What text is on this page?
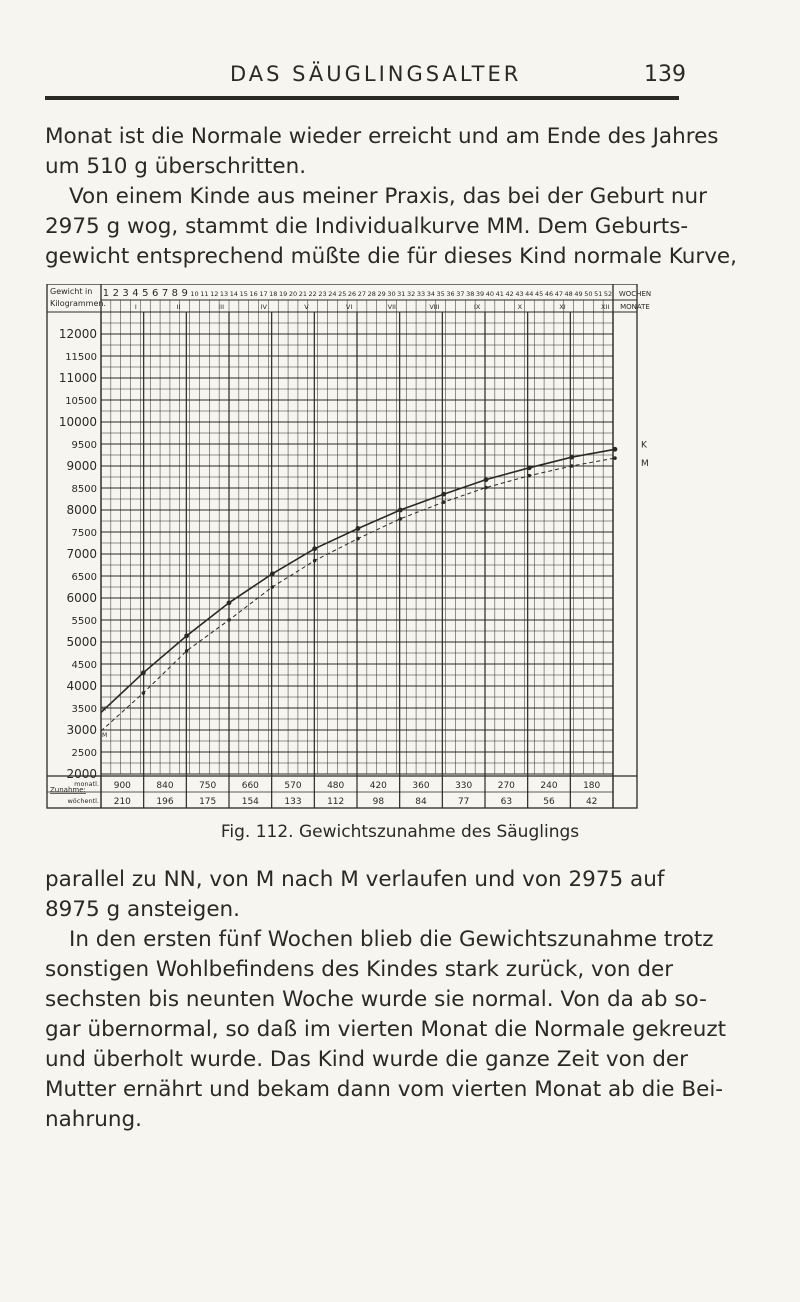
DAS SÄUGLINGSALTER	139

Monat ist die Normale wieder erreicht und am Ende des Jahres
um 510 g überschritten.
Von einem Kinde aus meiner Praxis, das bei der Geburt nur
2975 g wog, stammt die Individualkurve MM. Dem Geburts-
gewicht entsprechend müßte die für dieses Kind normale Kurve,

Gewicht in
Kilogrammen.
1 2 3 4 5 6 7 8 9 10 11 12 13 14 15 16 17 18 19 20 21 22 23 24 25 26 27 28 29 30 31 32 33 34 35 36 37 38 39 40 41 42 43 44 45 46 47 48 49 50 51 52
I	II	III	IV	V	VI	VII	VIII	IX	X	XI	XII
WOCHEN
MONATE
12000
11500
11000
10500
10000
9500
9000
8500
8000
7500
7000
6500
6000
5500
5000
4500
4000
3500
3000
2500
2000
K
K
M
M
monatl.
Zunahme:
wöchentl.
900	840	750	660	570	480	420	360	330	270	240	180
210	196	175	154	133	112	98	84	77	63	56	42
Fig. 112. Gewichtszunahme des Säuglings

parallel zu NN, von M nach M verlaufen und von 2975 auf
8975 g ansteigen.
In den ersten fünf Wochen blieb die Gewichtszunahme trotz
sonstigen Wohlbefindens des Kindes stark zurück, von der
sechsten bis neunten Woche wurde sie normal. Von da ab so-
gar übernormal, so daß im vierten Monat die Normale gekreuzt
und überholt wurde. Das Kind wurde die ganze Zeit von der
Mutter ernährt und bekam dann vom vierten Monat ab die Bei-
nahrung.
